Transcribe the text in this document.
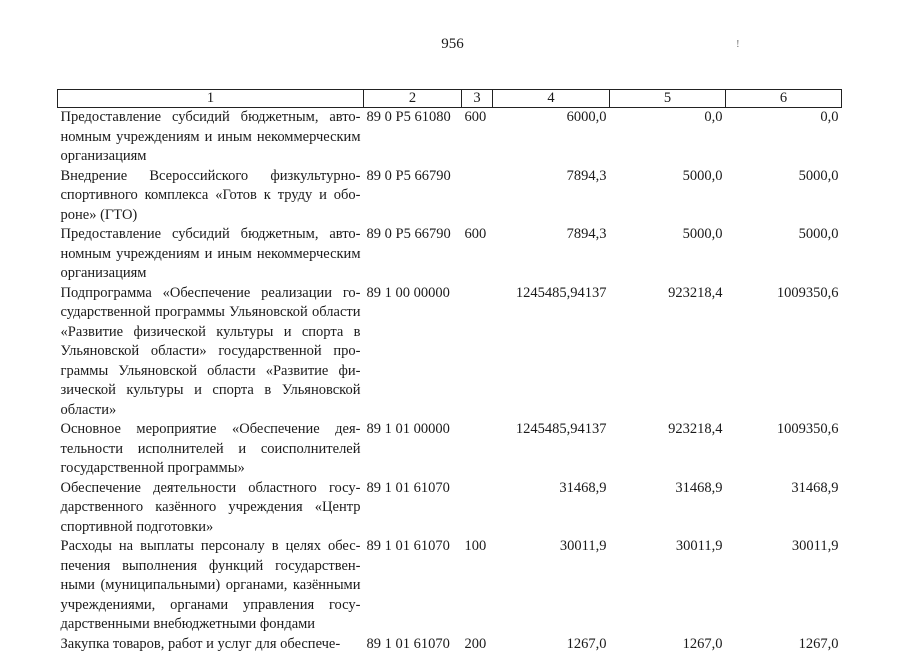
956	!
1	2	3	4	5	6
Предоставление субсидий бюджетным, автономным учреждениям и иным некоммерческим организациям	89 0 P5 61080	600	6000,0	0,0	0,0
Внедрение Всероссийского физкультурно-спортивного комплекса «Готов к труду и обороне» (ГТО)	89 0 P5 66790		7894,3	5000,0	5000,0
Предоставление субсидий бюджетным, автономным учреждениям и иным некоммерческим организациям	89 0 P5 66790	600	7894,3	5000,0	5000,0
Подпрограмма «Обеспечение реализации государственной программы Ульяновской области «Развитие физической культуры и спорта в Ульяновской области» государственной программы Ульяновской области «Развитие физической культуры и спорта в Ульяновской области»	89 1 00 00000		1245485,94137	923218,4	1009350,6
Основное мероприятие «Обеспечение деятельности исполнителей и соисполнителей государственной программы»	89 1 01 00000		1245485,94137	923218,4	1009350,6
Обеспечение деятельности областного государственного казённого учреждения «Центр спортивной подготовки»	89 1 01 61070		31468,9	31468,9	31468,9
Расходы на выплаты персоналу в целях обеспечения выполнения функций государственными (муниципальными) органами, казёнными учреждениями, органами управления государственными внебюджетными фондами	89 1 01 61070	100	30011,9	30011,9	30011,9
Закупка товаров, работ и услуг для обеспече-	89 1 01 61070	200	1267,0	1267,0	1267,0
